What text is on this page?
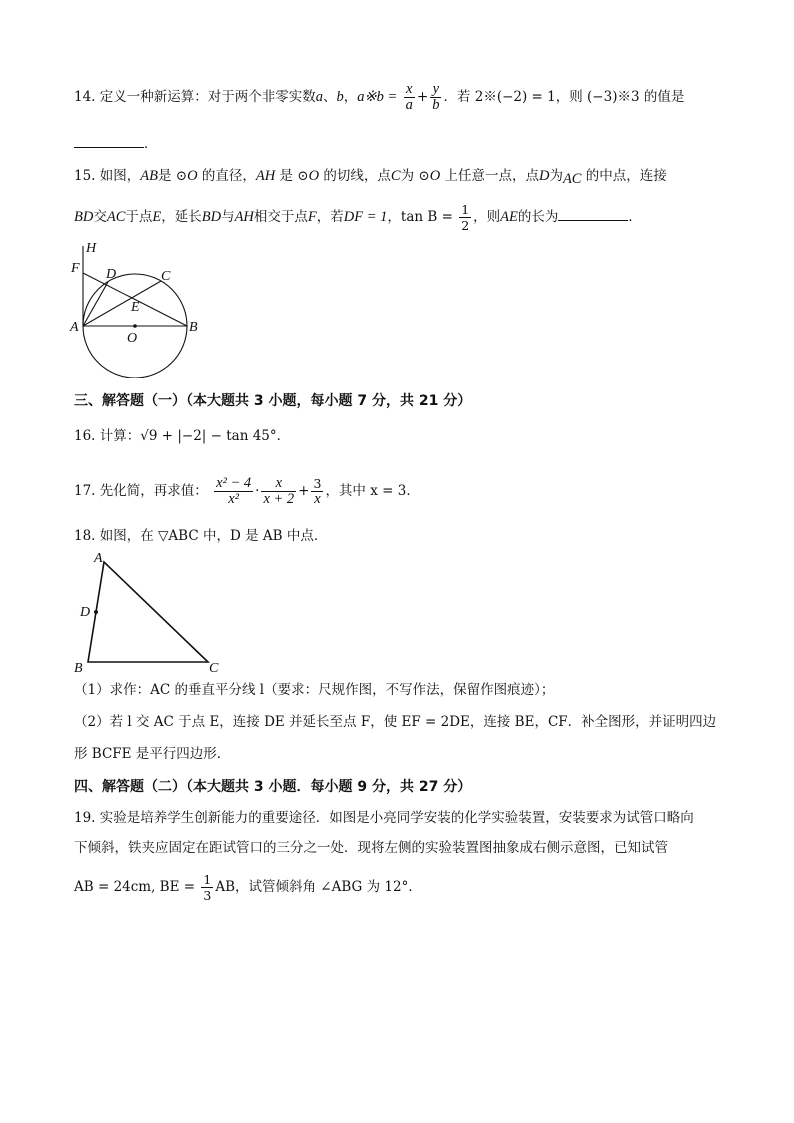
14. 定义一种新运算：对于两个非零实数a、b，a※b = $\frac{x}{a} + \frac{y}{b}$ ．若 2※(−2) = 1，则 (−3)※3 的值是
．
15. 如图，AB是 ⊙O 的直径，AH 是 ⊙O 的切线，点C为 ⊙O 上任意一点，点D为AC 的中点，连接
BD交AC于点E，延长BD与AH相交于点F，若DF = 1，$\tan B = \frac{1}{2}$ ，则AE的长为	．
H
F D	C
E
A
O
B
三、解答题（一）（本大题共 3 小题，每小题 7 分，共 21 分）
16. 计算：√9 + |−2| − tan 45°．
17. 先化简，再求值： $\frac{\text{x² − 4}}{\text{x²}} \cdot \frac{x}{x + 2} + \frac{3}{x}$ ，其中 x = 3．
18. 如图，在 ▽ABC 中，D 是 AB 中点．
A
D
B	C
（1）求作：AC 的垂直平分线 l（要求：尺规作图，不写作法，保留作图痕迹）；
（2）若 l 交 AC 于点 E，连接 DE 并延长至点 F，使 EF = 2DE，连接 BE，CF．补全图形，并证明四边
形 BCFE 是平行四边形．
四、解答题（二）（本大题共 3 小题．每小题 9 分，共 27 分）
19. 实验是培养学生创新能力的重要途径．如图是小亮同学安装的化学实验装置，安装要求为试管口略向
下倾斜，铁夹应固定在距试管口的三分之一处．现将左侧的实验装置图抽象成右侧示意图，已知试管
AB = 24cm, BE = $\frac{1}{3}$ AB，试管倾斜角 ∠ABG 为 12°．
